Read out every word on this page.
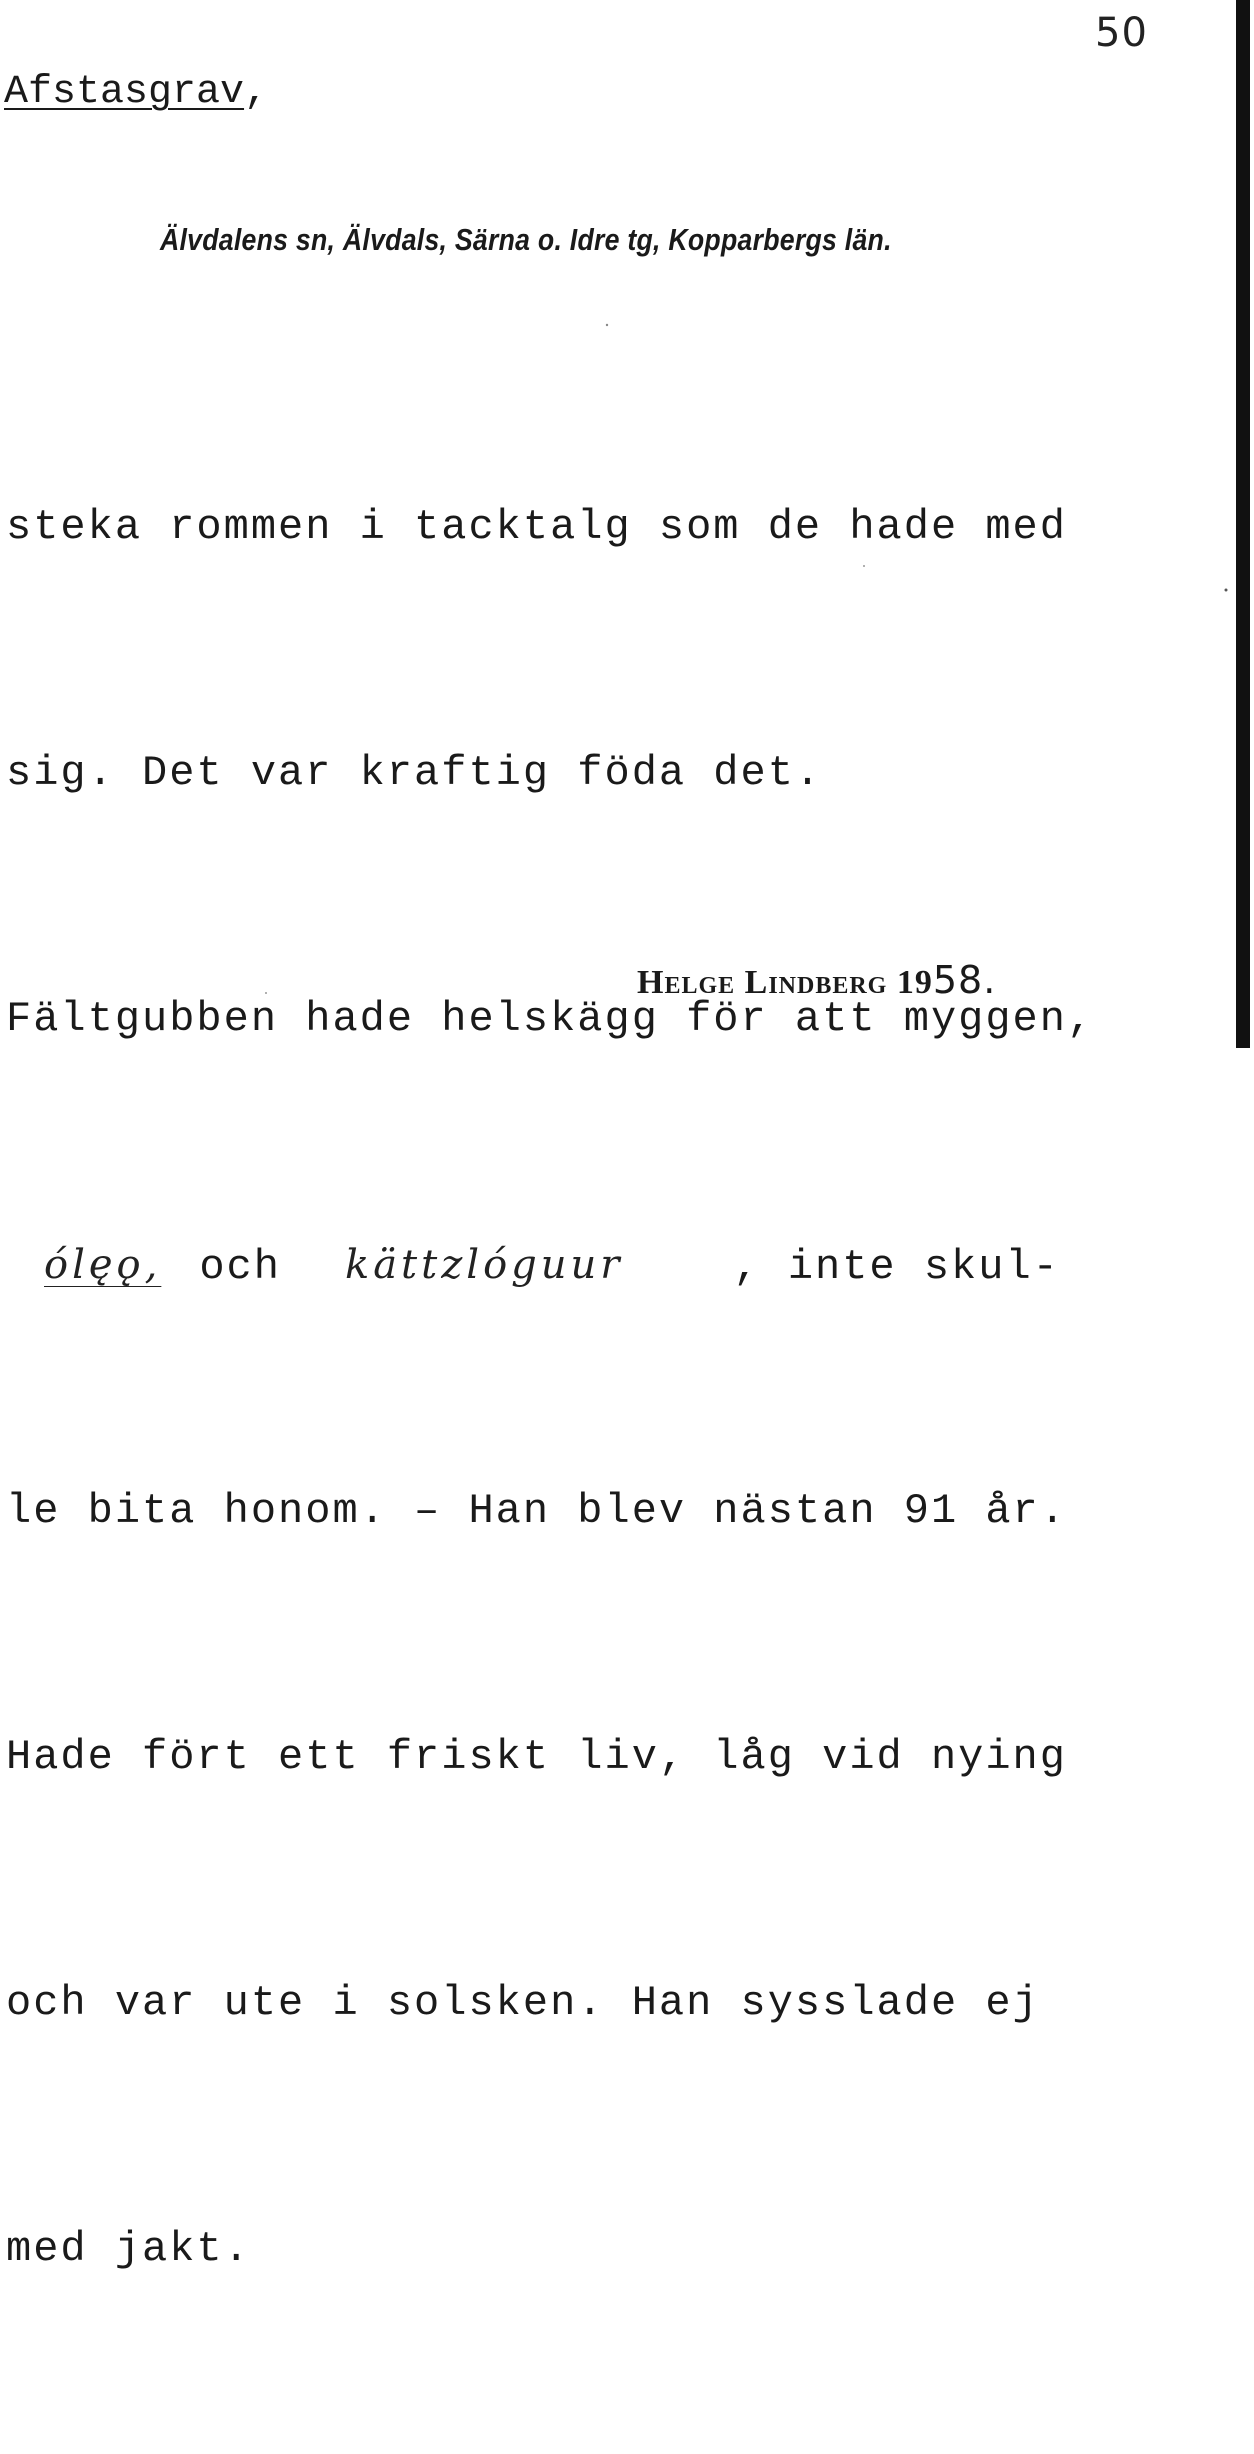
50
Afstasgrav,
Älvdalens sn, Älvdals, Särna o. Idre tg, Kopparbergs län.

steka rommen i tacktalg som de hade med

sig. Det var kraftig föda det.

Fältgubben hade helskägg för att myggen,

ólęǫ, och kättzlóguur	, inte skul-

le bita honom. – Han blev nästan 91 år.

Hade fört ett friskt liv, låg vid nying

och var ute i solsken. Han sysslade ej

med jakt.

Helge Lindberg 1958.
